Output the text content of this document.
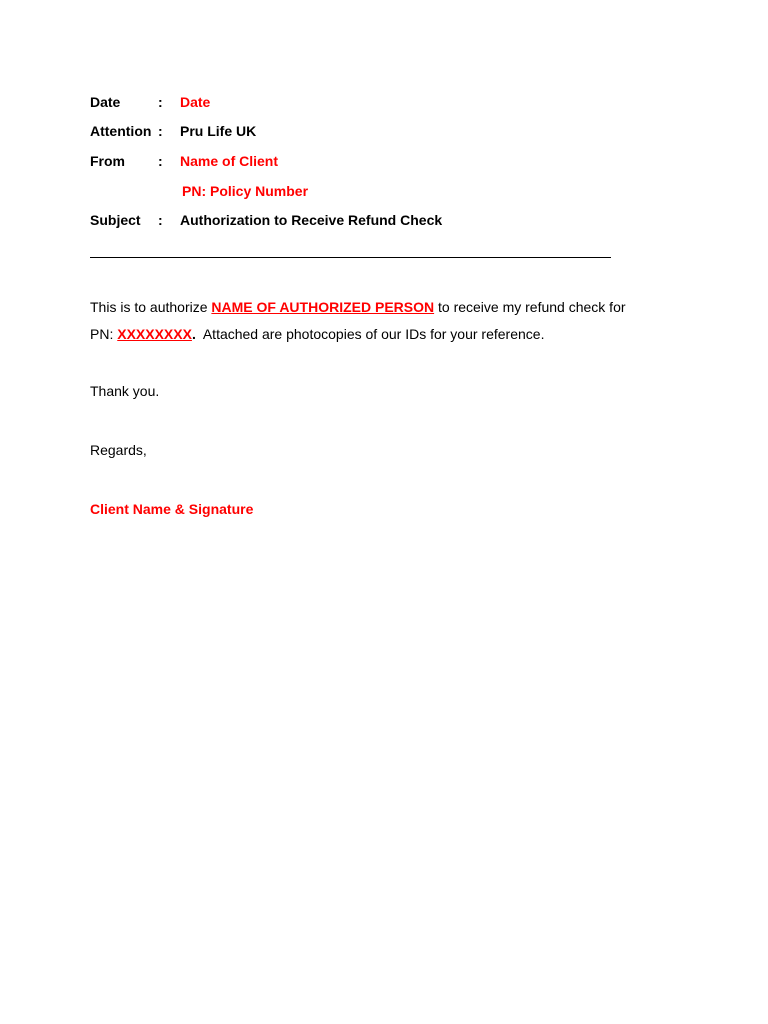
Date	: Date
Attention : Pru Life UK
From : Name of Client
PN: Policy Number
Subject : Authorization to Receive Refund Check
This is to authorize NAME OF AUTHORIZED PERSON to receive my refund check for
PN: XXXXXXXX.  Attached are photocopies of our IDs for your reference.
Thank you.
Regards,
Client Name & Signature
